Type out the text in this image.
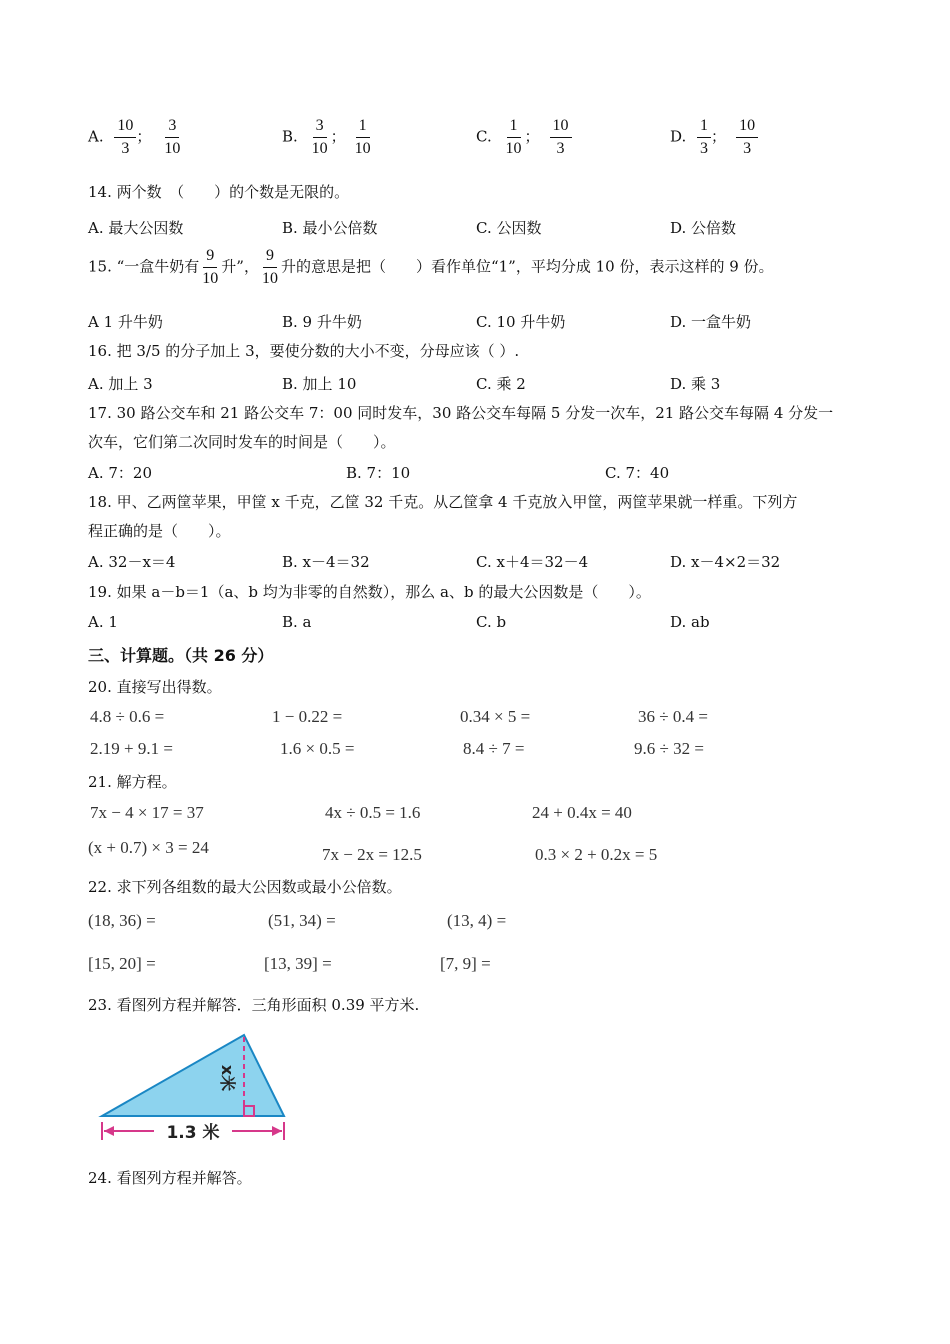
A. $\frac{10}{3}$ ； $\frac{3}{10}$	B. $\frac{3}{10}$ ； $\frac{1}{10}$	C. $\frac{1}{10}$ ； $\frac{10}{3}$	D. $\frac{1}{3}$ ； $\frac{10}{3}$
14. 两个数　（　　）的个数是无限的。
A. 最大公因数	B. 最小公倍数	C. 公因数	D. 公倍数
15. “一盒牛奶有 $\frac{9}{10}$ 升”， $\frac{9}{10}$ 升的意思是把（　　）看作单位“1”，平均分成 10 份，表示这样的 9 份。
A 1 升牛奶	B. 9 升牛奶	C. 10 升牛奶	D. 一盒牛奶
16. 把 3/5 的分子加上 3，要使分数的大小不变，分母应该（ ）.
A. 加上 3	B. 加上 10	C. 乘 2	D. 乘 3
17. 30 路公交车和 21 路公交车 7：00 同时发车，30 路公交车每隔 5 分发一次车，21 路公交车每隔 4 分发一
次车，它们第二次同时发车的时间是（　　）。
A. 7：20	B. 7：10	C. 7：40
18. 甲、乙两筐苹果，甲筐 x 千克，乙筐 32 千克。从乙筐拿 4 千克放入甲筐，两筐苹果就一样重。下列方
程正确的是（　　）。
A. 32－x＝4	B. x－4＝32	C. x＋4＝32－4	D. x－4×2＝32
19. 如果 a－b＝1（a、b 均为非零的自然数），那么 a、b 的最大公因数是（　　）。
A. 1	B. a	C. b	D. ab
三、计算题。（共 26 分）
20. 直接写出得数。
4.8 ÷ 0.6 =	1 − 0.22 =	0.34 × 5 =	36 ÷ 0.4 =
2.19 + 9.1 =	1.6 × 0.5 =	8.4 ÷ 7 =	9.6 ÷ 32 =
21. 解方程。
7x − 4 × 17 = 37	4x ÷ 0.5 = 1.6	24 + 0.4x = 40
(x + 0.7) × 3 = 24	7x − 2x = 12.5	0.3 × 2 + 0.2x = 5
22. 求下列各组数的最大公因数或最小公倍数。
(18, 36) =	(51, 34) =	(13, 4) =
[15, 20] =	[13, 39] =	[7, 9] =
23. 看图列方程并解答．三角形面积 0.39 平方米.
x米
1.3 米
24. 看图列方程并解答。
